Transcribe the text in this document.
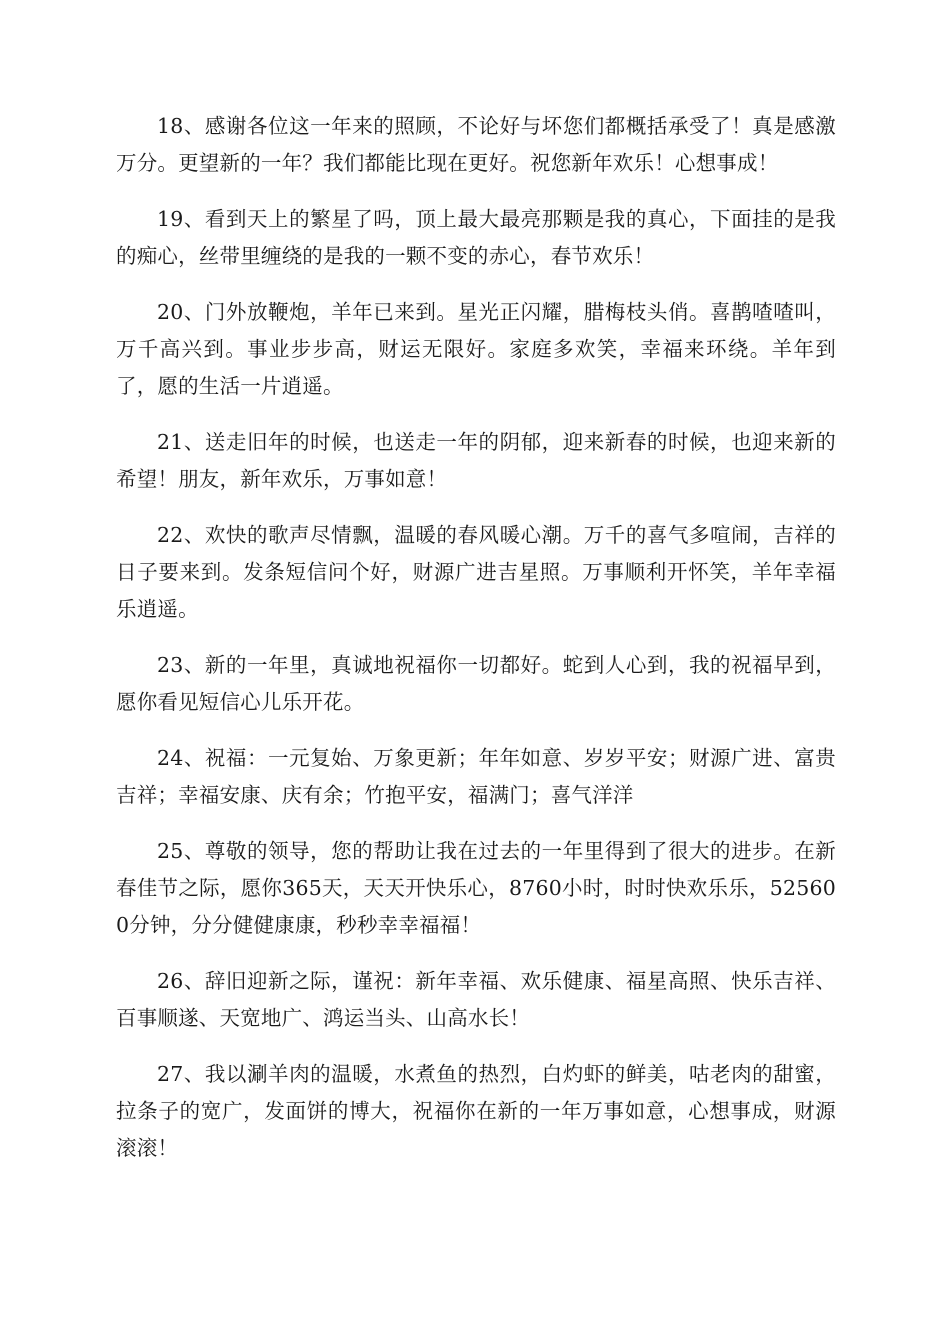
18、感谢各位这一年来的照顾，不论好与坏您们都概括承受了！真是感激万分。更望新的一年？我们都能比现在更好。祝您新年欢乐！心想事成！

19、看到天上的繁星了吗，顶上最大最亮那颗是我的真心，下面挂的是我的痴心，丝带里缠绕的是我的一颗不变的赤心，春节欢乐！

20、门外放鞭炮，羊年已来到。星光正闪耀，腊梅枝头俏。喜鹊喳喳叫，万千高兴到。事业步步高，财运无限好。家庭多欢笑，幸福来环绕。羊年到了，愿的生活一片逍遥。

21、送走旧年的时候，也送走一年的阴郁，迎来新春的时候，也迎来新的希望！朋友，新年欢乐，万事如意！

22、欢快的歌声尽情飘，温暖的春风暖心潮。万千的喜气多喧闹，吉祥的日子要来到。发条短信问个好，财源广进吉星照。万事顺利开怀笑，羊年幸福乐逍遥。

23、新的一年里，真诚地祝福你一切都好。蛇到人心到，我的祝福早到，愿你看见短信心儿乐开花。

24、祝福：一元复始、万象更新；年年如意、岁岁平安；财源广进、富贵吉祥；幸福安康、庆有余；竹抱平安，福满门；喜气洋洋

25、尊敬的领导，您的帮助让我在过去的一年里得到了很大的进步。在新春佳节之际，愿你365天，天天开快乐心，8760小时，时时快欢乐乐，525600分钟，分分健健康康，秒秒幸幸福福！

26、辞旧迎新之际，谨祝：新年幸福、欢乐健康、福星高照、快乐吉祥、百事顺遂、天宽地广、鸿运当头、山高水长！

27、我以涮羊肉的温暖，水煮鱼的热烈，白灼虾的鲜美，咕老肉的甜蜜，拉条子的宽广，发面饼的博大，祝福你在新的一年万事如意，心想事成，财源滚滚！
